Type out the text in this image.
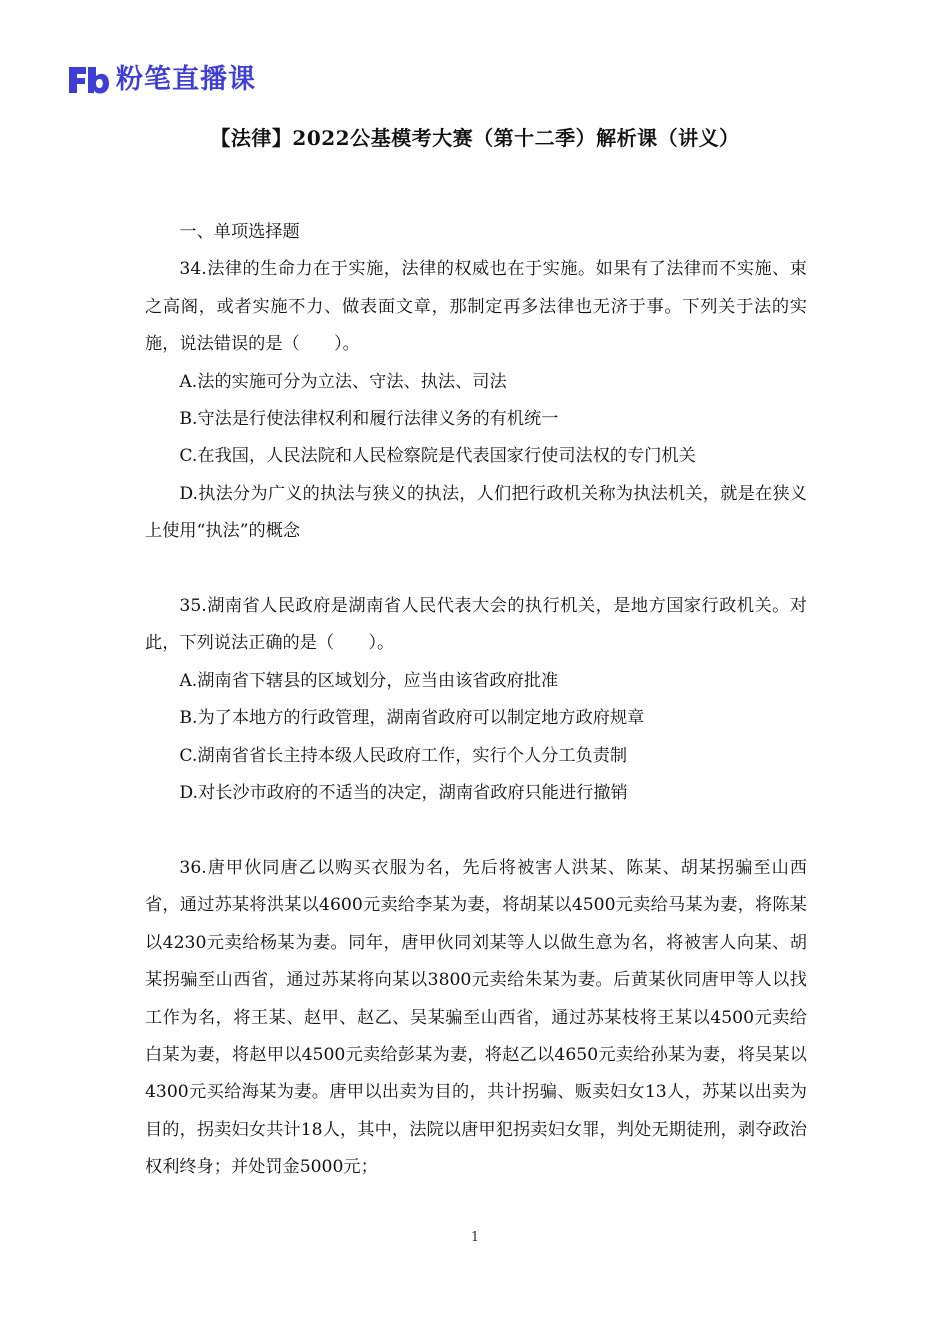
粉笔直播课
【法律】2022公基模考大赛（第十二季）解析课（讲义）

一、单项选择题

34.法律的生命力在于实施，法律的权威也在于实施。如果有了法律而不实施、束之高阁，或者实施不力、做表面文章，那制定再多法律也无济于事。下列关于法的实施，说法错误的是（　　）。

A.法的实施可分为立法、守法、执法、司法

B.守法是行使法律权利和履行法律义务的有机统一

C.在我国，人民法院和人民检察院是代表国家行使司法权的专门机关

D.执法分为广义的执法与狭义的执法，人们把行政机关称为执法机关，就是在狭义上使用“执法”的概念

35.湖南省人民政府是湖南省人民代表大会的执行机关，是地方国家行政机关。对此，下列说法正确的是（　　）。

A.湖南省下辖县的区域划分，应当由该省政府批准

B.为了本地方的行政管理，湖南省政府可以制定地方政府规章

C.湖南省省长主持本级人民政府工作，实行个人分工负责制

D.对长沙市政府的不适当的决定，湖南省政府只能进行撤销

36.唐甲伙同唐乙以购买衣服为名，先后将被害人洪某、陈某、胡某拐骗至山西省，通过苏某将洪某以4600元卖给李某为妻，将胡某以4500元卖给马某为妻，将陈某以4230元卖给杨某为妻。同年，唐甲伙同刘某等人以做生意为名，将被害人向某、胡某拐骗至山西省，通过苏某将向某以3800元卖给朱某为妻。后黄某伙同唐甲等人以找工作为名，将王某、赵甲、赵乙、吴某骗至山西省，通过苏某枝将王某以4500元卖给白某为妻，将赵甲以4500元卖给彭某为妻，将赵乙以4650元卖给孙某为妻，将吴某以4300元买给海某为妻。唐甲以出卖为目的，共计拐骗、贩卖妇女13人，苏某以出卖为目的，拐卖妇女共计18人，其中，法院以唐甲犯拐卖妇女罪，判处无期徒刑，剥夺政治权利终身；并处罚金5000元；

1
